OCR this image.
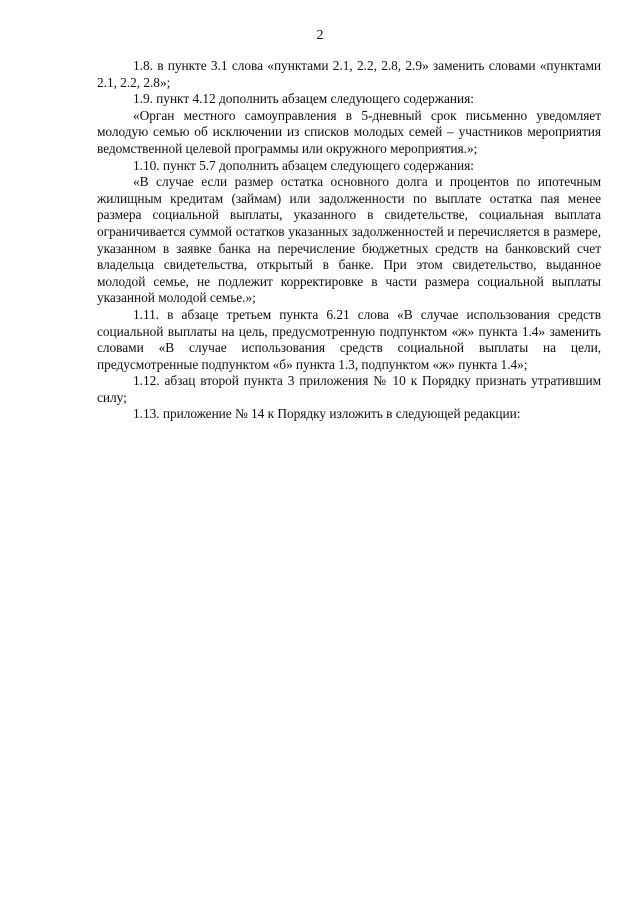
2

1.8. в пункте 3.1 слова «пунктами 2.1, 2.2, 2.8, 2.9» заменить словами «пунктами 2.1, 2.2, 2.8»;

1.9. пункт 4.12 дополнить абзацем следующего содержания:

«Орган местного самоуправления в 5-дневный срок письменно уведомляет молодую семью об исключении из списков молодых семей – участников мероприятия ведомственной целевой программы или окружного мероприятия.»;

1.10. пункт 5.7 дополнить абзацем следующего содержания:

«В случае если размер остатка основного долга и процентов по ипотечным жилищным кредитам (займам) или задолженности по выплате остатка пая менее размера социальной выплаты, указанного в свидетельстве, социальная выплата ограничивается суммой остатков указанных задолженностей и перечисляется в размере, указанном в заявке банка на перечисление бюджетных средств на банковский счет владельца свидетельства, открытый в банке. При этом свидетельство, выданное молодой семье, не подлежит корректировке в части размера социальной выплаты указанной молодой семье.»;

1.11. в абзаце третьем пункта 6.21 слова «В случае использования средств социальной выплаты на цель, предусмотренную подпунктом «ж» пункта 1.4» заменить словами «В случае использования средств социальной выплаты на цели, предусмотренные подпунктом «б» пункта 1.3, подпунктом «ж» пункта 1.4»;

1.12. абзац второй пункта 3 приложения № 10 к Порядку признать утратившим силу;

1.13. приложение № 14 к Порядку изложить в следующей редакции:
